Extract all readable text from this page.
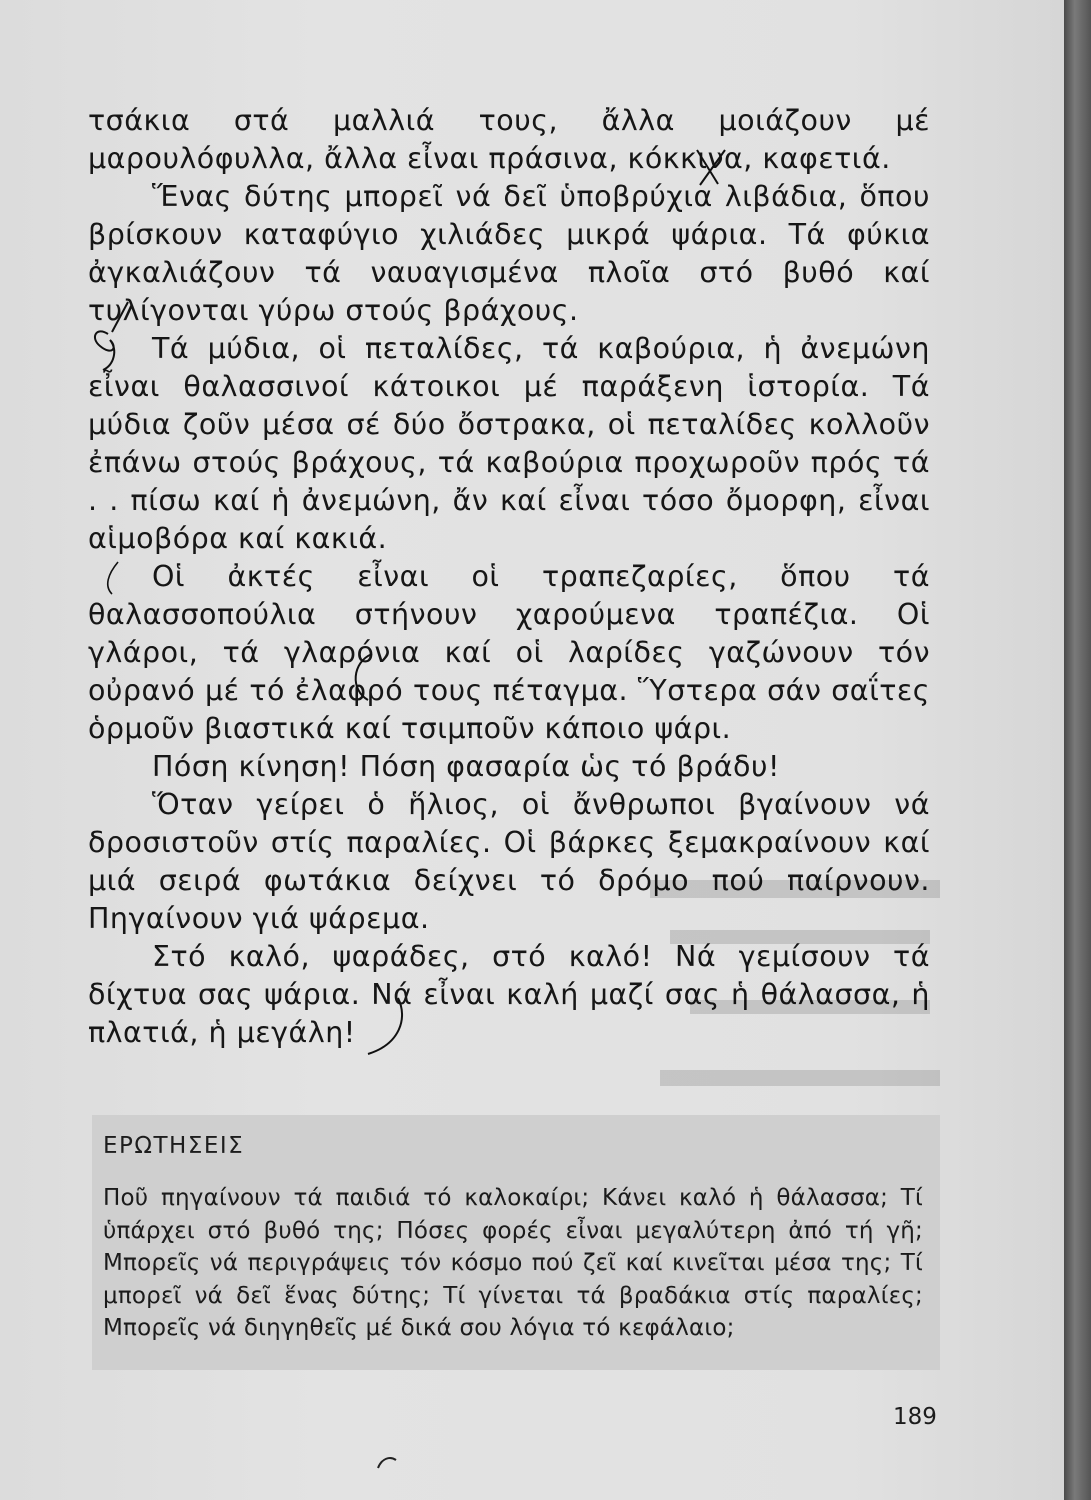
τσάκια στά μαλλιά τους, ἄλλα μοιάζουν μέ μαρουλόφυλλα, ἄλλα εἶναι πράσινα, κόκκινα, καφετιά.

Ἕνας δύτης μπορεῖ νά δεῖ ὑποβρύχια λιβάδια, ὅπου βρίσκουν καταφύγιο χιλιάδες μικρά ψάρια. Τά φύκια ἀγκαλιάζουν τά ναυαγισμένα πλοῖα στό βυθό καί τυλίγονται γύρω στούς βράχους.

Τά μύδια, οἱ πεταλίδες, τά καβούρια, ἡ ἀνεμώνη εἶναι θαλασσινοί κάτοικοι μέ παράξενη ἱστορία. Τά μύδια ζοῦν μέσα σέ δύο ὄστρακα, οἱ πεταλίδες κολλοῦν ἐπάνω στούς βράχους, τά καβούρια προχωροῦν πρός τά . . πίσω καί ἡ ἀνεμώνη, ἄν καί εἶναι τόσο ὄμορφη, εἶναι αἱμοβόρα καί κακιά.

Οἱ ἀκτές εἶναι οἱ τραπεζαρίες, ὅπου τά θαλασσοπούλια στήνουν χαρούμενα τραπέζια. Οἱ γλάροι, τά γλαρόνια καί οἱ λαρίδες γαζώνουν τόν οὐρανό μέ τό ἐλαφρό τους πέταγμα. Ὕστερα σάν σαΐτες ὁρμοῦν βιαστικά καί τσιμποῦν κάποιο ψάρι.

Πόση κίνηση! Πόση φασαρία ὡς τό βράδυ!

Ὅταν γείρει ὁ ἥλιος, οἱ ἄνθρωποι βγαίνουν νά δροσιστοῦν στίς παραλίες. Οἱ βάρκες ξεμακραίνουν καί μιά σειρά φωτάκια δείχνει τό δρόμο πού παίρνουν. Πηγαίνουν γιά ψάρεμα.

Στό καλό, ψαράδες, στό καλό! Νά γεμίσουν τά δίχτυα σας ψάρια. Νά εἶναι καλή μαζί σας ἡ θάλασσα, ἡ πλατιά, ἡ μεγάλη!

ΕΡΩΤΗΣΕΙΣ
Ποῦ πηγαίνουν τά παιδιά τό καλοκαίρι; Κάνει καλό ἡ θάλασσα; Τί ὑπάρχει στό βυθό της; Πόσες φορές εἶναι μεγαλύτερη ἀπό τή γῆ; Μπορεῖς νά περιγράψεις τόν κόσμο πού ζεῖ καί κινεῖται μέσα της; Τί μπορεῖ νά δεῖ ἕνας δύτης; Τί γίνεται τά βραδάκια στίς παραλίες; Μπορεῖς νά διηγηθεῖς μέ δικά σου λόγια τό κεφάλαιο;
189
